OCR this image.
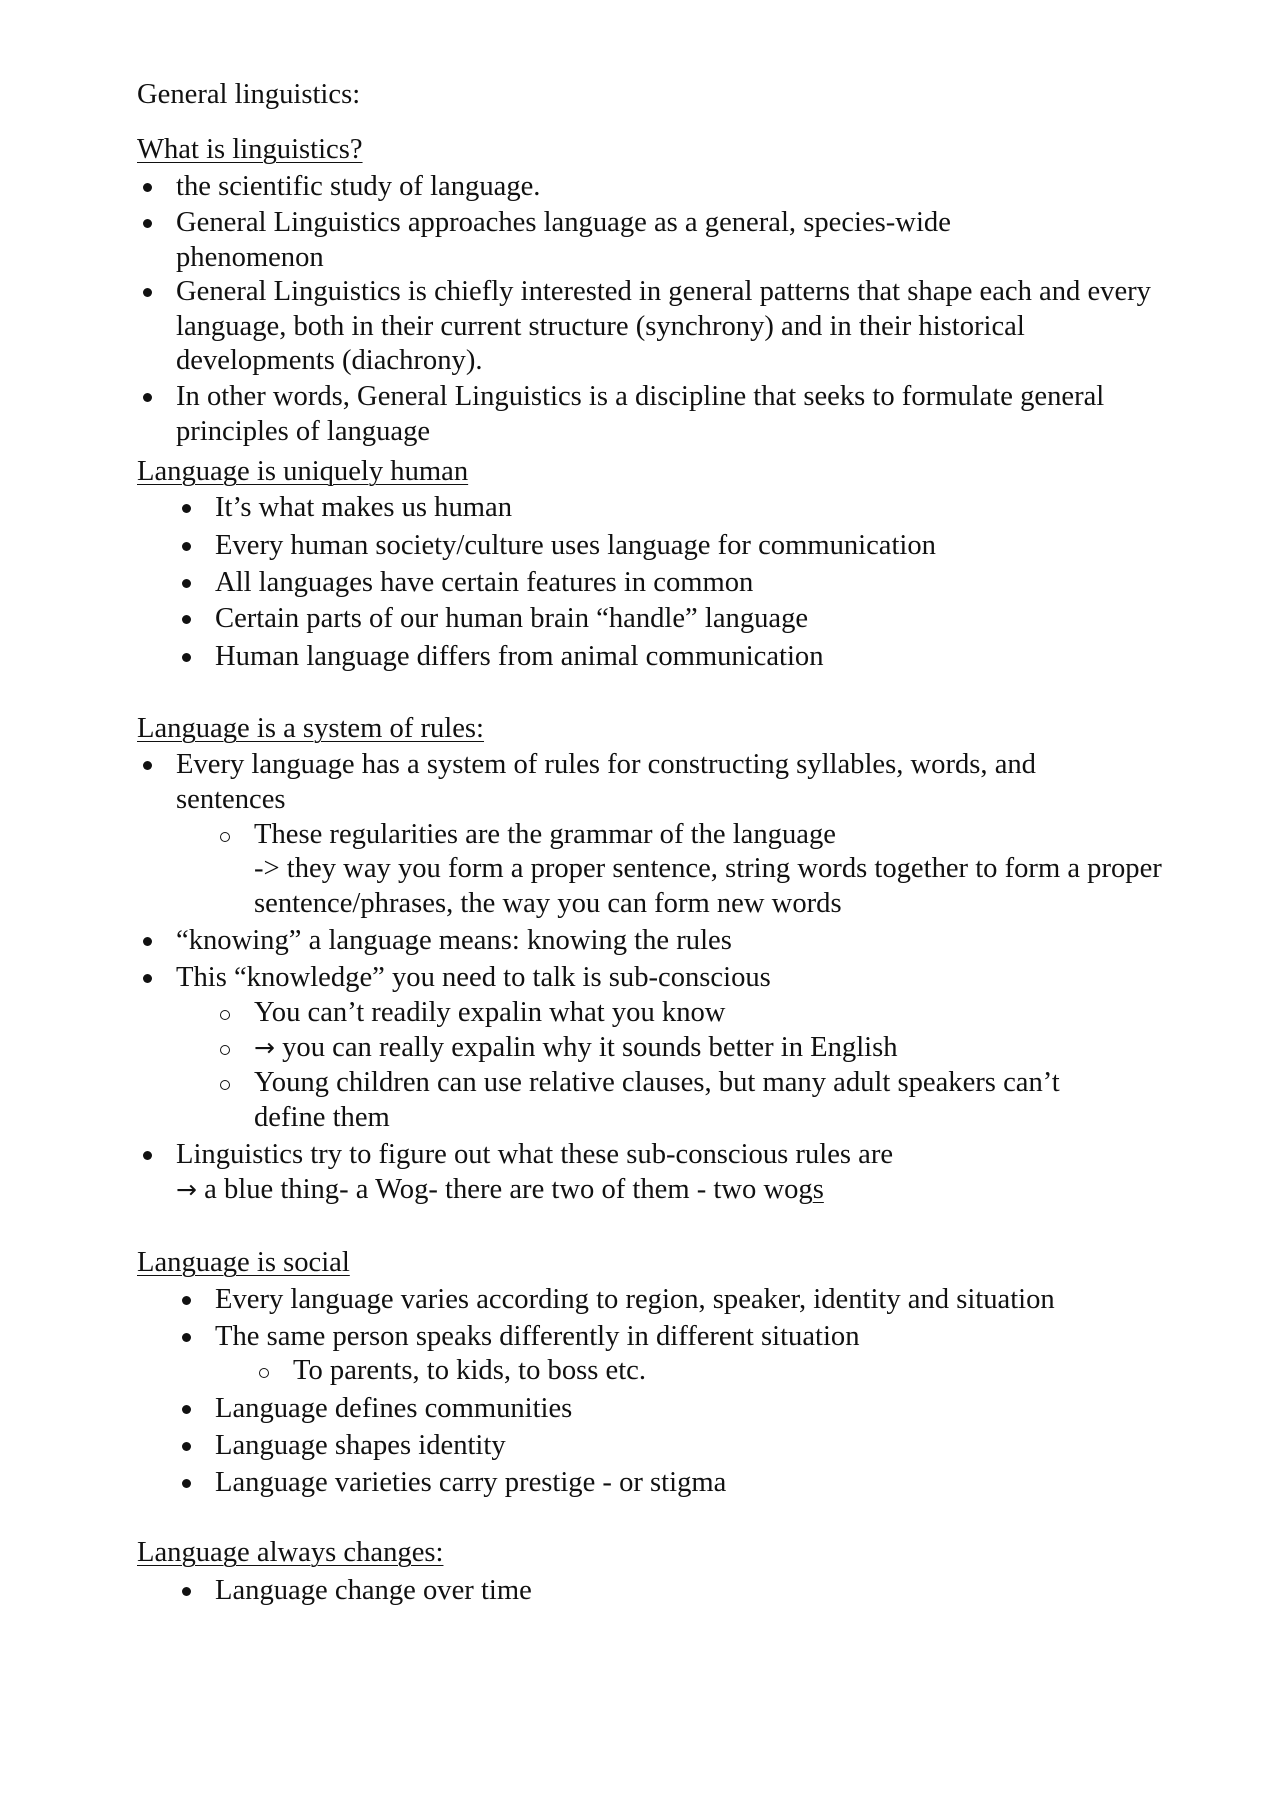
General linguistics:

What is linguistics?

the scientific study of language.
General Linguistics approaches language as a general, species-wide phenomenon
General Linguistics is chiefly interested in general patterns that shape each and every language, both in their current structure (synchrony) and in their historical developments (diachrony).
In other words, General Linguistics is a discipline that seeks to formulate general principles of language

Language is uniquely human

It’s what makes us human
Every human society/culture uses language for communication
All languages have certain features in common
Certain parts of our human brain “handle” language
Human language differs from animal communication

Language is a system of rules:

Every language has a system of rules for constructing syllables, words, and sentences
These regularities are the grammar of the language
-> they way you form a proper sentence, string words together to form a proper sentence/phrases, the way you can form new words
“knowing” a language means: knowing the rules
This “knowledge” you need to talk is sub-conscious
You can’t readily expalin what you know
→ you can really expalin why it sounds better in English
Young children can use relative clauses, but many adult speakers can’t define them
Linguistics try to figure out what these sub-conscious rules are
→ a blue thing- a Wog- there are two of them - two wogs

Language is social

Every language varies according to region, speaker, identity and situation
The same person speaks differently in different situation
To parents, to kids, to boss etc.
Language defines communities
Language shapes identity
Language varieties carry prestige - or stigma

Language always changes:

Language change over time
